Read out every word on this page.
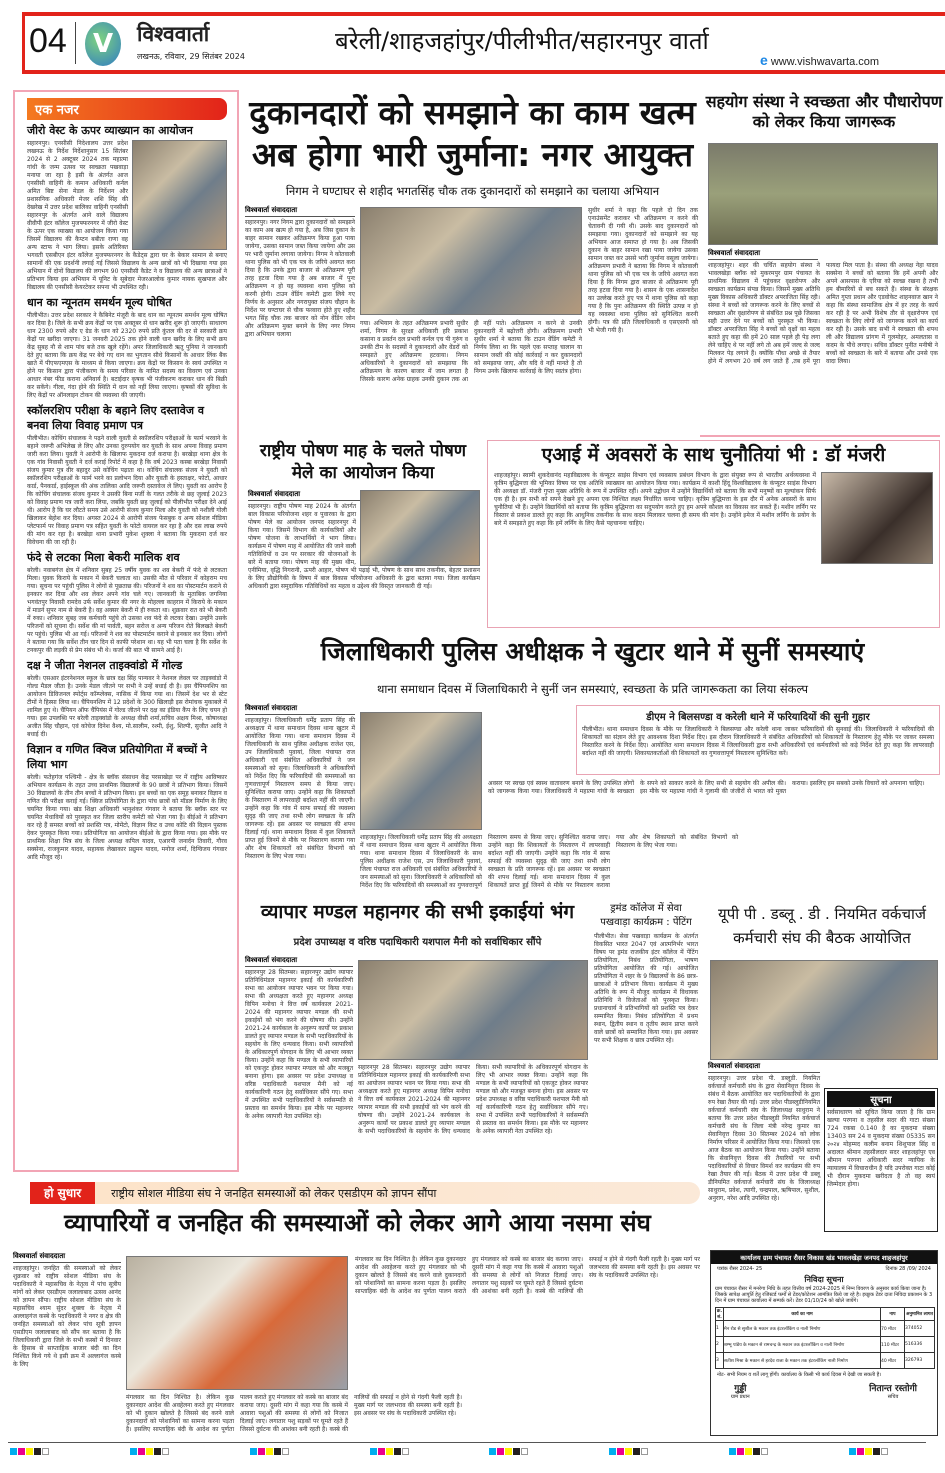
04	V	विश्ववार्ता
लखनऊ, रविवार, 29 सितंबर 2024
बरेली/शाहजहांपुर/पीलीभीत/सहारनपुर वार्ता
e www.vishwavarta.com
एक नजर
जीरो वेस्ट के ऊपर व्याख्यान का आयोजन
सहारनपुर। एनसीसी निदेशालय उत्तर प्रदेश लखनऊ के निर्देश निर्देशानुसार 15 सितंबर 2024 से 2 अक्टूबर 2024 तक महात्मा गांधी के जन्म उत्सव पर स्वच्छता पखवाड़ा मनाया जा रहा है इसी के अंतर्गत आज एनसीसी वाहिनी के कमान अधिकारी कर्नल अमित बिष्ट सेना मेडल के निर्देशन और प्रशासनिक अधिकारी मेजर शशि सिंह की देखरेख में उत्तर प्रदेश बालिका वाहिनी एनसीसी सहारनपुर के अंतर्गत आने वाले विद्यालय वीवीपी इंटर कॉलेज मुजफ्फरनगर में जीरो वेस्ट के ऊपर एक व्याख्या का आयोजन किया गया जिसमें विद्यालय की कैप्टन बबीता राणा वह अन्य स्टाफ ने भाग लिया। इसके अतिरिक्त भगवती एसबीएन इंटर कॉलेज मुजफ्फरनगर के कैडेट्स द्वारा घर के बेकार सामान से बनाए सामानों की एक प्रदर्शनी लगाई गई जिससे विद्यालय के अन्य छात्रों को भी दिखाया गया इस अभियान में दोनों विद्यालय की लगभग 90 एनसीसी कैडेट ने व विद्यालय की अन्य छात्राओं ने प्रतिभाग किया इस अभियान में यूनिट के सूबेदार मेजरआलोक कुमार नायक सुखपाल और विद्यालय की एनसीसी केयरटेकर सपना भी उपस्थित रही।
धान का न्यूनतम समर्थन मूल्य घोषित
पीलीभीत। उत्तर प्रदेश सरकार ने कैबिनेट मंजूरी के बाद धान का न्यूनतम समर्थन मूल्य घोषित कर दिया है। जिले के सभी क्रय केंद्रों पर एक अक्तूबर से धान खरीद शुरू हो जाएगी। साधारण धान 2300 रुपये और ए ग्रेड के धान को 2320 रुपये प्रति कुंतल की दर से सरकारी क्रय केंद्रों पर खरीदा जाएगा। 31 जनवरी 2025 तक होने वाली धान खरीद के लिए सभी क्रय केंद्र सुबह नौ से शाम पांच बजे तक खुले रहेंगे। अपर जिलाधिकारी ऋतु पुनिया ने जानकारी देते हुए बताया कि क्रय केंद्र पर बेचे गए धान का भुगतान सीधे किसानों के आधार लिंक बैंक खाते में पीएफएमएस के माध्यम से किया जाएगा। क्रय केंद्रों पर किसान के स्वयं उपस्थित न होने पर किसान द्वारा पंजीकरण के समय परिवार के नामित सदस्य का विवरण एवं उनका आधार नंबर फीड कराना अनिवार्य है। बटाईदार कृषक भी पंजीकरण कराकर धान की बिक्री कर सकेंगे। गीला, गंदा होने की स्थिति में धान को नहीं लिया जाएगा। कृषकों की सुविधा के लिए केंद्रों पर ऑनलाइन टोकन की व्यवस्था की जाएगी।
स्कॉलरशिप परीक्षा के बहाने लिए दस्तावेज व बनवा लिया विवाह प्रमाण पत्र
पीलीभीत। कोचिंग संचालक ने पढ़ने वाली युवती से स्कॉलरशिप परीक्षाओं के फार्म भरवाने के बहाने जरूरी अभिलेख ले लिए और उनका दुरुपयोग कर युवती के साथ अपना विवाह प्रमाण जारी करा लिया। युवती ने आरोपी के खिलाफ मुकदमा दर्ज कराया है। बरखेड़ा थाना क्षेत्र के एक गांव निवासी युवती ने दर्ज कराई रिपोर्ट में कहा है कि वर्ष 2023 कस्बा बरखेड़ा निवासी संजय कुमार पुत्र वीर बहादुर उसे कोचिंग पढ़ाता था। कोचिंग संचालक संजय ने युवती को स्कॉलरशिप परीक्षाओं के फार्म भरने का प्रलोभन दिया और युवती के हस्ताक्षर, फोटो, आधार कार्ड, पैनकार्ड, हाईस्कूल की अंक तालिका आदि जरूरी दस्तावेज ले लिए। युवती का आरोप है कि कोचिंग संचालक संजय कुमार ने उसकी बिना मर्जी के गलत तरीके से छह जुलाई 2023 को विवाह प्रमाण पत्र जारी करा लिया, जबकि युवती छह जुलाई को पीलीभीत परीक्षा देने आई थी। आरोप है कि घर लौटते समय उसे आरोपी संजय कुमार मिला और युवती को नशीली गोली खिलाकर बेहोश कर दिया। अगस्त 2024 से आरोपी संजय फेसबुक व अन्य सोशल मीडिया प्लेटफार्म पर विवाह प्रमाण पत्र सहित युवती के फोटो वायरल कर रहा है और दस लाख रुपये की मांग कर रहा है। बरखेड़ा थाना प्रभारी मुकेश शुक्ला ने बताया कि मुकदमा दर्ज कर विवेचना की जा रही है।
फंदे से लटका मिला बेकरी मालिक शव
बरेली। नवाबगंज क्षेत्र में शनिवार सुबह 25 वर्षीय युवक का शव बेकरी में फंदे से लटकता मिला। युवक किराये के मकान में बेकरी चलाता था। उसकी मौत से परिवार में कोहराम मच गया। सूचना पर पहुंची पुलिस ने लोगों से पूछताछ की। परिजनों ने शव का पोस्टमार्टम कराने से इनकार कर दिया और शव लेकर अपने गांव चले गए। जानकारी के मुताबिक जगनिया भगवंतपुर निवासी रामदेव उर्फ सर्वेश कुमार की नगर के मोहल्ला काहरान में किराये के मकान में माडर्न सुपर नाम से बेकरी है। वह अक्सर बेकरी में ही रुकता था। शुक्रवार रात को भी बेकरी में रुका। शनिवार सुबह जब कर्मचारी पहुंचे तो उसका शव फंदे से लटका देखा। उन्होंने उसके परिजनों को सूचना दी। सर्वेश की मां पार्वती, बहन सरोज व अन्य परिजन रोते बिलखते बेकरी पर पहुंचे। पुलिस भी आ गई। परिजनों ने शव का पोस्टमार्टम कराने से इनकार कर दिया। लोगों ने बताया गया कि सर्वेश तीन चार दिन से काफी परेशान था। यह भी पता चला है कि सर्वेश के टनकपुर की लड़की से प्रेम संबंध भी थे। कर्जा की बात भी सामने आई है।
दक्ष ने जीता नेशनल ताइक्वांडो में गोल्ड
बरेली। एसआर इंटरनेशनल स्कूल के छात्र दक्ष सिंह पान्यवर ने नेशनल लेवल पर ताइक्वांडो में गोल्ड मैडल जीता है। उनके मेडल जीतने पर सभी ने उन्हें बधाई दी है। इस चैंपियनशिप का आयोजन डिविजनल स्पोर्ट्स कॉम्प्लेक्स, नासिक में किया गया था। जिसमें देश भर से स्टेट टीमों ने हिस्सा लिया था। चैंपियनशिप में 12 प्रदेशों के 300 खिलाड़ी इस रोमांचक मुकाबले में शामिल हुए थे। चैंपियन ऑफ चैंपियंस में गोल्ड जीतने पर दक्ष का इंडिया कैंप के लिए चयन हो गया। इस उपलब्धि पर बरेली ताइक्वांडो के अध्यक्ष वीसी शर्मा,सचिव अक्षय मिश्रा, कोषाध्यक्ष अजीत सिंह चौहान, एवं कोचेज दिनेश वैश्य, मो.सालीम, रश्मी, ईशु, शिल्पी, सुजीत आदि ने बधाई दी।
विज्ञान व गणित क्विज प्रतियोगिता में बच्चों ने लिया भाग
बरेली। फतेहगंज पश्चिमी - क्षेत्र के ब्लॉक संसाधन केंद्र परसाखेड़ा पर में राष्ट्रीय आविष्कार अभियान कार्यक्रम के तहत उच्च प्राथमिक विद्यालयों के 90 छात्रों ने प्रतिभाग किया। जिसमें 30 विद्यालयों के तीन तीन बच्चों ने प्रतिभाग किया। इन बच्चों का एक समूह बनाकर विज्ञान व गणित की परीक्षा कराई गई। क्विज प्रतियोगिता के द्वारा पांच छात्रों को मॉडल निर्माण के लिए चयनित किया गया। खंड शिक्षा अधिकारी भानुशंकर गंगवार ने बताया कि ब्लॉक स्तर पर चयनित मेधावियों को पुरस्कृत कर जिला स्तरीय कमेटी को भेजा गया है। बीईओ ने प्रतिभाग कर रहे हैं समस्त बच्चों को प्रशस्ति पत्र, मोमेंटो, विज्ञान किट व उच्च कोटि की विज्ञान पुस्तक देकर पुरस्कृत किया गया। प्रतियोगिता का आयोजन बीईओ के द्वारा किया गया। इस मौके पर प्राथमिक शिक्षा मित्र संघ के जिला अध्यक्ष कपिल यादव, एआरपी जनार्दन तिवारी, गौरव सक्सेना, राजकुमार यादव, सहायक लेखाकार प्रद्युमन यादव, मनोज शर्मा, दिग्विजय गंगवार आदि मौजूद रहे।
दुकानदारों को समझाने का काम खत्म
अब होगा भारी जुर्माना: नगर आयुक्त
निगम ने घण्टाघर से शहीद भगतसिंह चौक तक दुकानदारों को समझाने का चलाया अभियान
विश्ववार्ता संवाददाता
सहारनपुर। नगर निगम द्वारा दुकानदारों को समझाने का काम अब खत्म हो गया है, अब जिस दुकान के बाहर सामान रखकर अतिक्रमण किया हुआ पाया जायेगा, उसका सामान जब्त किया जायेगा और उस पर भारी जुर्माना लगाया जायेगा। निगम ने कोतवाली थाना पुलिस को भी एक पत्र के जरिये अवगत करा दिया है कि उनके द्वारा बाजार से अतिक्रमण पूरी तरह हटवा दिया गया है अब बाजार में पुनः अतिक्रमण न हो यह व्यवस्था थाना पुलिस को करनी होगी। टाउन वेंडिंग कमेटी द्वारा लिये गए निर्णय के अनुसार और नगरायुक्त संजय चौहान के निर्देश पर घण्टाघर से चौक फव्वारा होते हुए शहीद भगत सिंह चौक तक बाजार को नोन वेंडिंग जोन और अतिक्रमण मुक्त बनाने के लिए नगर निगम द्वारा अभियान चलाया
गया। अभियान के तहत अतिक्रमण प्रभारी सुधीर शर्मा, निगम के सुरक्षा अधिकारी हरि प्रकाश कसाना व प्रवर्तन दल प्रभारी कर्नल एच पी गुरुंग व उनकी टीम के सदस्यों ने दुकानदारों और वेंडरों को समझाते हुए अतिक्रमण हटवाया। निगम अधिकारियों ने दुकानदारों को समझाया कि अतिक्रमण के कारण बाजार में जाम लगता है जिसके कारण अनेक ग्राहक उनकी दुकान तक आ ही नहीं पाते। अतिक्रमण न करने से उनकी दुकानदारी में बढ़ोत्तरी होगी। अतिक्रमण प्रभारी सुधीर शर्मा ने बताया कि टाउन वेंडिंग कमेटी ने निर्णय लिया था कि पहले एक सप्ताह चालान या सामान जब्ती की कोई कार्रवाई न कर दुकानदारों को समझाया जाए, और यदि वे नहीं मानते है तो निगम उनके खिलाफ कार्रवाई के लिए स्वतंत्र होगा।
सुधीर शर्मा ने कहा कि पहले दो दिन तक एनाउंसमेंट कराकर भी अतिक्रमण न करने की चेतावनी दी गयी थी। उसके बाद दुकानदारों को समझाया गया। दुकानदारों को समझाने का यह अभियान आज समाप्त हो गया है। अब जिसकी दुकान के बाहर सामान रखा पाया जायेगा उसका सामान जब्त कर उससे भारी जुर्माना वसूला जायेगा। अतिक्रमण प्रभारी ने बताया कि निगम ने कोतवाली थाना पुलिस को भी एक पत्र के जरिये अवगत करा दिया है कि निगम द्वारा बाजार से अतिक्रमण पूरी तरह हटवा दिया गया है। शासन के एक शासनादेश का उल्लेख करते हुए पत्र में थाना पुलिस को कहा गया है कि पुनः अतिक्रमण की स्थिति उत्पन्न न हो यह व्यवस्था थाना पुलिस को सुनिश्चित करनी होगी। पत्र की प्रति जिलाधिकारी व एसएसपी को भी भेजी गयी है।
सहयोग संस्था ने स्वच्छता और पौधारोपण को लेकर किया जागरूक
विश्ववार्ता संवाददाता
शाहजहांपुर। शहर की चर्चित सहयोग संस्था ने भावलखेड़ा ब्लॉक को मुकरमपुर ग्राम पंचायत के प्राथमिक विद्यालय में पहुंचकर वृक्षारोपण और स्वच्छता कार्यक्रम संपन्न किया। जिसमें मुख्य अतिथि मुख्य विकास अधिकारी डॉक्टर अपराजिता सिंह रही। संस्था ने बच्चों को जागरूक करने के लिए बच्चों से स्वच्छता और वृक्षारोपण से संबंधित प्रश्न पूछे जिसका सही उत्तर देने पर बच्चों को पुरस्कृत भी किया। डॉक्टर अपराजिता सिंह ने बच्चों को वृक्षों का महत्व बताते हुए कहा की हमें 20 साल पहले ही पेड़ लगा लेने चाहिए थे पर नहीं लगे तो अब हमें जल्द से जल्द मिलकर पेड़ लगाने हैं। क्योंकि पौधा अच्छे से तैयार होने में लगभग 20 वर्ष लग जाते हैं ,तब हमें पूरा फायदा मिल पाता है। संस्था की अध्यक्ष नेहा यादव सक्सेना ने बच्चों को बताया कि हमें अपनी और अपने आसपास के एरिया को स्वच्छ रखना है तभी हम बीमारियों से बच सकते हैं। संस्था के संरक्षक अमित गुप्ता प्रधान और एडवोकेट शाहनवाज खान ने कहा कि संस्था सामाजिक क्षेत्र में हर तरह के कार्य कर रही है पर अभी विशेष तौर से वृक्षारोपण एवं स्वच्छता के लिए लोगों को जागरूक करने का कार्य कर रही है। उसके बाद सभी ने स्वच्छता की शपथ ली और विद्यालय प्रांगण में गुलमोहर, अमलतास व कदम के पौधे लगाए। सचिव डॉक्टर पुनीत मनीषी ने बच्चों को स्वच्छता के बारे में बताया और उनसे एक वादा लिया।
राष्ट्रीय पोषण माह के चलते पोषण मेले का आयोजन किया
विश्ववार्ता संवाददाता
सहारनपुर। राष्ट्रीय पोषण माह 2024 के अंतर्गत बाल विकास परियोजना शहर व पुवारका के द्वारा पोषण मेले का आयोजन जनपद सहारनपुर में किया गया। जिसमें विभाग की कार्यकत्रियों और पोषण योजना के लाभार्थियों ने भाग लिया। कार्यक्रम में पोषण माह में आयोजित की जाने वाली गतिविधियों व उन पर सरकार की योजनाओं के बारे में बताया गया। पोषण माह की मुख्य थीम, एनीमिया, वृद्धि निगरानी, ऊपरी आहार, पोषण भी पढ़ाई भी, पोषण के साथ साथ तकनीक, बेहतर प्रशासन के लिए प्रौद्योगिकी के विषय में बाल विकास परियोजना अधिकारी के द्वारा बताया गया। जिला कार्यक्रम अधिकारी द्वारा समुदायिक गतिविधियों का महत्व व उद्देश्य की विस्तृत जानकारी दी गई।
एआई में अवसरों के साथ चुनौतियां भी : डॉ मंजरी
शाहजहांपुर। स्वामी शुकदेवानंद महाविद्यालय के कंप्यूटर साइंस विभाग एवं व्यवसाय प्रबंधन विभाग के द्वारा संयुक्त रूप से भारतीय अर्थव्यवस्था में कृत्रिम बुद्धिमत्ता की भूमिका विषय पर एक अतिथि व्याख्यान का आयोजन किया गया। कार्यक्रम में काशी हिंदू विश्वविद्यालय के कंप्यूटर साइंस विभाग की अध्यक्षा डॉ. मंजरी गुप्ता मुख्य अतिथि के रूप में उपस्थित रहीं। अपने उद्बोधन में उन्होंने विद्यार्थियों को बताया कि सभी मनुष्यों का मूल्यांकन सिर्फ एक ही है। हम सभी को सपने देखने हुए अपना एक निश्चित लक्ष्य निर्धारित करना चाहिए। कृत्रिम बुद्धिमत्ता के इस दौर में अनेक अवसरों के साथ चुनौतियां भी हैं। उन्होंने विद्यार्थियों को बताया कि कृत्रिम बुद्धिमत्ता का सदुपयोग करते हुए हम अपने कौशल का विकास कर सकते हैं। मशीन लर्निंग पर विस्तार से प्रकाश डालते हुए कहा कि आधुनिक तकनीक के साथ कदम मिलाकर चलना ही समय की मांग है। उन्होंने इमेज में मशीन लर्निंग के प्रयोग के बारे में समझाते हुए कहा कि हमें लर्निंग के लिए कैसे पहचानना चाहिए।
जिलाधिकारी पुलिस अधीक्षक ने खुटार थाने में सुनीं समस्याएं
थाना समाधान दिवस में जिलाधिकारी ने सुनीं जन समस्याएं, स्वच्छता के प्रति जागरूकता का लिया संकल्प
विश्ववार्ता संवाददाता
शाहजहांपुर। जिलाधिकारी धर्मेंद्र प्रताप सिंह की अध्यक्षता में थाना समाधान दिवस थाना खुटार में आयोजित किया गया। थाना समाधान दिवस में जिलाधिकारी के साथ पुलिस अधीक्षक राजेश एस, उप जिलाधिकारी पुवायां, जिला पंचायत राज अधिकारी एवं संबंधित अधिकारियों ने जन समस्याओं को सुना। जिलाधिकारी ने अधिकारियों को निर्देश दिए कि फरियादियों की समस्याओं का गुणवत्तापूर्ण निस्तारण समय से किया जाए। सुनिश्चित कराया जाए। उन्होंने कहा कि शिकायतों के निस्तारण में लापरवाही बर्दाश्त नहीं की जाएगी। उन्होंने कहा कि गांव में साफ सफाई की व्यवस्था सुदृढ़ की जाए तथा सभी लोग स्वच्छता के प्रति जागरूक रहें। इस अवसर पर स्वच्छता की शपथ दिलाई गई। थाना समाधान दिवस में कुल शिकायतें प्राप्त हुई जिनमें से मौके पर निस्तारण कराया गया और शेष शिकायतों को संबंधित विभागों को निस्तारण के लिए भेजा गया।
डीएम ने बिलसण्डा व करेली थाने में फरियादियों की सुनी गुहार
पीलीभीत। थाना समाधान दिवस के मौके पर जिलाधिकारी ने बिलसण्डा और करेली थाना जाकर फरियादियों की सुनवाई की। जिलाधिकारी ने फरियादियों की शिकायतों का संज्ञान लेते हुए आवश्यक दिशा निर्देश दिए। इस दौरान जिलाधिकारी ने संबंधित अधिकारियों को शिकायतों के निस्तारण हेतु मौके पर जाकर समस्या निस्तारित करने के निर्देश दिए। आयोजित थाना समाधान दिवस में जिलाधिकारी द्वारा सभी अधिकारियों एवं कर्मचारियों को कड़े निर्देश देते हुए कहा कि लापरवाही बर्दाश्त नहीं की जाएगी। शिकायतकर्ताओं की शिकायतों का गुणवत्तापूर्ण निस्तारण सुनिश्चित करें।
अवसर पर स्वच्छ एवं स्वस्थ वातावरण बनाने के लिए उपस्थित लोगों को जागरूक किया गया। जिलाधिकारी ने महात्मा गांधी के स्वच्छता के सपने को साकार करने के लिए सभी से सहयोग की अपील की। इस मौके पर महात्मा गांधी ने गुलामी की जंजीरों से भारत को मुक्त कराया। इसलिए हम सबको उनके विचारों को अपनाना चाहिए।
शाहजहांपुर। जिलाधिकारी धर्मेंद्र प्रताप सिंह की अध्यक्षता में थाना समाधान दिवस थाना खुटार में आयोजित किया गया। थाना समाधान दिवस में जिलाधिकारी के साथ पुलिस अधीक्षक राजेश एस, उप जिलाधिकारी पुवायां, जिला पंचायत राज अधिकारी एवं संबंधित अधिकारियों ने जन समस्याओं को सुना। जिलाधिकारी ने अधिकारियों को निर्देश दिए कि फरियादियों की समस्याओं का गुणवत्तापूर्ण निस्तारण समय से किया जाए। सुनिश्चित कराया जाए। उन्होंने कहा कि शिकायतों के निस्तारण में लापरवाही बर्दाश्त नहीं की जाएगी। उन्होंने कहा कि गांव में साफ सफाई की व्यवस्था सुदृढ़ की जाए तथा सभी लोग स्वच्छता के प्रति जागरूक रहें। इस अवसर पर स्वच्छता की शपथ दिलाई गई। थाना समाधान दिवस में कुल शिकायतें प्राप्त हुई जिनमें से मौके पर निस्तारण कराया गया और शेष शिकायतों को संबंधित विभागों को निस्तारण के लिए भेजा गया।
व्यापार मण्डल महानगर की सभी इकाईयां भंग
प्रदेश उपाध्यक्ष व वरिष्ठ पदाधिकारी यशपाल मैनी को सर्वाधिकार सौंपे
विश्ववार्ता संवाददाता
सहारनपुर 28 सितम्बर। सहारनपुर उद्योग व्यापार प्रतिनिधिमंडल महानगर इकाई की कार्यकारिणी सभा का आयोजन व्यापार भवन पर किया गया। सभा की अध्यक्षता करते हुए महानगर अध्यक्ष विपिन मनोचा ने वित्त वर्ष कार्यकाल 2021-2024 की महानगर व्यापार मण्डल की सभी इकाईयों को भंग करने की घोषणा की। उन्होंने 2021-24 कार्यकाल के अनुरूप कार्यों पर प्रकाश डालते हुए व्यापार मण्डल के सभी पदाधिकारियों के सहयोग के लिए धन्यवाद किया। सभी व्यापारियों के अधिकारपूर्ण योगदान के लिए भी आभार व्यक्त किया। उन्होंने कहा कि मण्डल के सभी व्यापारियों को एकजुट होकर व्यापार मण्डल को और मजबूत बनाना होगा। इस अवसर पर प्रदेश उपाध्यक्ष व वरिष्ठ पदाधिकारी यशपाल मैनी को नई कार्यकारिणी गठन हेतु सर्वाधिकार सौंपे गए। सभा में उपस्थित सभी पदाधिकारियों ने सर्वसम्मति से प्रस्ताव का समर्थन किया। इस मौके पर महानगर के अनेक व्यापारी नेता उपस्थित रहे।
सहारनपुर 28 सितम्बर। सहारनपुर उद्योग व्यापार प्रतिनिधिमंडल महानगर इकाई की कार्यकारिणी सभा का आयोजन व्यापार भवन पर किया गया। सभा की अध्यक्षता करते हुए महानगर अध्यक्ष विपिन मनोचा ने वित्त वर्ष कार्यकाल 2021-2024 की महानगर व्यापार मण्डल की सभी इकाईयों को भंग करने की घोषणा की। उन्होंने 2021-24 कार्यकाल के अनुरूप कार्यों पर प्रकाश डालते हुए व्यापार मण्डल के सभी पदाधिकारियों के सहयोग के लिए धन्यवाद किया। सभी व्यापारियों के अधिकारपूर्ण योगदान के लिए भी आभार व्यक्त किया। उन्होंने कहा कि मण्डल के सभी व्यापारियों को एकजुट होकर व्यापार मण्डल को और मजबूत बनाना होगा। इस अवसर पर प्रदेश उपाध्यक्ष व वरिष्ठ पदाधिकारी यशपाल मैनी को नई कार्यकारिणी गठन हेतु सर्वाधिकार सौंपे गए। सभा में उपस्थित सभी पदाधिकारियों ने सर्वसम्मति से प्रस्ताव का समर्थन किया। इस मौके पर महानगर के अनेक व्यापारी नेता उपस्थित रहे।
ड्रमंड कॉलेज में सेवा पखवाड़ा कार्यक्रम : पेंटिंग
पीलीभीत। सेवा पखवाड़ा कार्यक्रम के अंतर्गत विकसित भारत 2047 एवं आत्मनिर्भर भारत विषय पर ड्रमंड राजकीय इंटर कॉलेज में पेंटिंग प्रतियोगिता, निबंध प्रतियोगिता, भाषण प्रतियोगिता आयोजित की गई। आयोजित प्रतियोगिता में शहर के 9 विद्यालयों के 86 छात्र-छात्राओं ने प्रतिभाग किया। कार्यक्रम में मुख्य अतिथि के रूप में मौजूद कार्यक्रम में विधायक प्रतिनिधि ने विजेताओं को पुरस्कृत किया। प्रधानाचार्य ने प्रतिभागियों को प्रशस्ति पत्र देकर सम्मानित किया। निबंध प्रतियोगिता में प्रथम स्थान, द्वितीय स्थान व तृतीय स्थान प्राप्त करने वाले छात्रों को सम्मानित किया गया। इस अवसर पर सभी शिक्षक व छात्र उपस्थित रहे।
यूपी पी . डब्लू . डी . नियमित वर्कचार्ज कर्मचारी संघ की बैठक आयोजित
विश्ववार्ता संवाददाता
सहारनपुर। उत्तर प्रदेश पी. डब्लूडी. नियमित वर्कचार्ज कर्मचारी संघ के द्वारा सेवानिवृत्त दिवस के संबंध में बैठक आयोजित कर पदाधिकारियों के द्वारा रुप रेखा तैयार की गई। उत्तर प्रदेश पीडब्लूडीनियमित वर्कचार्ज कर्मचारी संघ के जिलाध्यक्ष साधुराम ने बताया कि उत्तर प्रदेश पीडब्लूडी नियमित वर्कचार्ज कर्मचारी संघ के जिला मंत्री नरेन्द्र कुमार का सेवानिवृत्त दिवस 30 सितम्बर 2024 को लोक निर्माण परिसर में आयोजित किया गया। जिसको एक आज बैठक का आयोजन किया गया। उन्होंने बताया कि सेवानिवृत्त दिवस की तैयारियों पर सभी पदाधिकारियों से विचार विमर्श कर कार्यक्रम की रुप रेखा तैयार की गई। बैठक में उत्तर प्रदेश पी डब्लू डीनियमित वर्कचार्ज कर्मचारी संघ के जिलाध्यक्ष साधुराम, प्रवेश, त्यागी, चन्द्रपाल, ऋषिपाल, सुशील, अनुराग, नरेश आदि उपस्थित रहे।
सूचना
सर्वसाधारण को सूचित किया जाता है कि ग्राम खल्या परगना व तहसील सदर की गाटा संख्या 724 रकबा 0.140 है का मुकदमा संख्या 13403 सन 24 व मुकदमा संख्या 05335 सन २०२४ मोहम्मद कलीम बनाम शिशुपाल सिंह व अदालत श्रीमान तहसीलदार सदर शाहजहांपुर एव श्रीमान परगना अधिकारी सदर न्यायिक के न्यायालय में विचाराधीन है यदि उपरोक्त गाटा कोई भी दौरान मुकदमा खरीदता है तो वह स्वयं जिम्मेदार होगा।
हो सुधार	राष्ट्रीय सोशल मीडिया संघ ने जनहित समस्याओं को लेकर एसडीएम को ज्ञापन सौंपा
व्यापारियों व जनहित की समस्याओं को लेकर आगे आया नसमा संघ
विश्ववार्ता संवाददाता
शाहजहांपुर। जनहित की समस्याओं को लेकर शुक्रवार को राष्ट्रीय सोशल मीडिया संघ के पदाधिकारी ने महासचिव के नेतृत्व में पांच सूत्रीय मांगों को लेकर एसडीएम जलालाबाद उत्सव आनंद को ज्ञापन सौंपा। राष्ट्रीय सोशल मीडिया संघ के महासचिव श्याम सुंदर शुक्ला के नेतृत्व में अल्लाहगंज कस्बे के पदाधिकारी ने नगर व क्षेत्र की जनहित समस्याओं को लेकर पांच सूत्री ज्ञापन एसडीएम जलालाबाद को सौंप कर बताया है कि जिलाधिकारी द्वारा जिले के सभी कस्बों में दिनवार के हिसाब से साप्ताहिक बाजार बंदी का दिन निश्चित किये गये थे इसी क्रम में अल्लागंज कस्बे के लिए
मंगलवार का दिन निश्चित है। लेकिन कुछ दुकानदार आदेश की अवहेलना करते हुए मंगलवार को भी दुकान खोलते है जिससे बंद करने वाले दुकानदारों को परेशानियों का सामना करना पड़ता है। इसलिए साप्ताहिक बंदी के आदेश का पूर्णता पालन कराते हुए मंगलवार को कस्बे का बाजार बंद कराया जाए। दूसरी मांग में कहा गया कि कस्बे में आवारा पशुओं की समस्या से लोगों को निजात दिलाई जाए। लगातार पशु सड़कों पर घूमते रहते हैं जिससे दुर्घटना की आशंका बनी रहती है। कस्बे की नालियों की सफाई न होने से गंदगी फैली रहती है। मुख्य मार्ग पर जलभराव की समस्या बनी रहती है। इस अवसर पर संघ के पदाधिकारी उपस्थित रहे।
मंगलवार का दिन निश्चित है। लेकिन कुछ दुकानदार आदेश की अवहेलना करते हुए मंगलवार को भी दुकान खोलते है जिससे बंद करने वाले दुकानदारों को परेशानियों का सामना करना पड़ता है। इसलिए साप्ताहिक बंदी के आदेश का पूर्णता पालन कराते हुए मंगलवार को कस्बे का बाजार बंद कराया जाए। दूसरी मांग में कहा गया कि कस्बे में आवारा पशुओं की समस्या से लोगों को निजात दिलाई जाए। लगातार पशु सड़कों पर घूमते रहते हैं जिससे दुर्घटना की आशंका बनी रहती है। कस्बे की नालियों की सफाई न होने से गंदगी फैली रहती है। मुख्य मार्ग पर जलभराव की समस्या बनी रहती है। इस अवसर पर संघ के पदाधिकारी उपस्थित रहे।
कार्यालय ग्राम पंचायत रौसर विकास खंड भावलखेड़ा जनपद शाहजहांपुर
पत्रांक रौसर 2024- 25	दिनांक 28 /09/ 2024
निविदा सूचना
ग्राम पंचायत रौसर में मनरेगा निधि के तहत वित्तीय वर्ष 2024-2025 में निम्न विवरण के अनुसार कार्य किया जाना है। जिसके सापेक्ष आपूर्ति हेतु रजिस्टर्ड फर्मों से टेंडर/कोटेशन आमंत्रित किये जा रहे है। इच्छुक टेंडर दाता निविदा प्रकाशन के 3 दिन में ग्राम पंचायत कार्यालय में सम्पर्क करें। टेंडर 01/10/24 को खोले जायेंगे।
क्र. सं.	कार्य का नाम	नाप	अनुमानित लागत
1	मेन रोड से सुशील के मकान तक इंटरलॉकिंग व नाली निर्माण	70 मीटर	374052
2	शम्भू पांडेय के मकान से रामचन्द्र के मकान तक इंटरलॉकिंग व नाली निर्माण	110 मीटर	516336
3	सतीश मिश्रा के मकान से हरदेव राजा के मकान तक इंटरलॉकिंग नाली निर्माण	40 मीटर	326793
नोट- सभी नियम व शर्तें लागू होंगी। कार्यालय के किसी भी कार्य दिवस में देखी जा सकती है।
गुड्डी
ग्राम प्रधान
नितान्त रस्तोगी
सचिव
